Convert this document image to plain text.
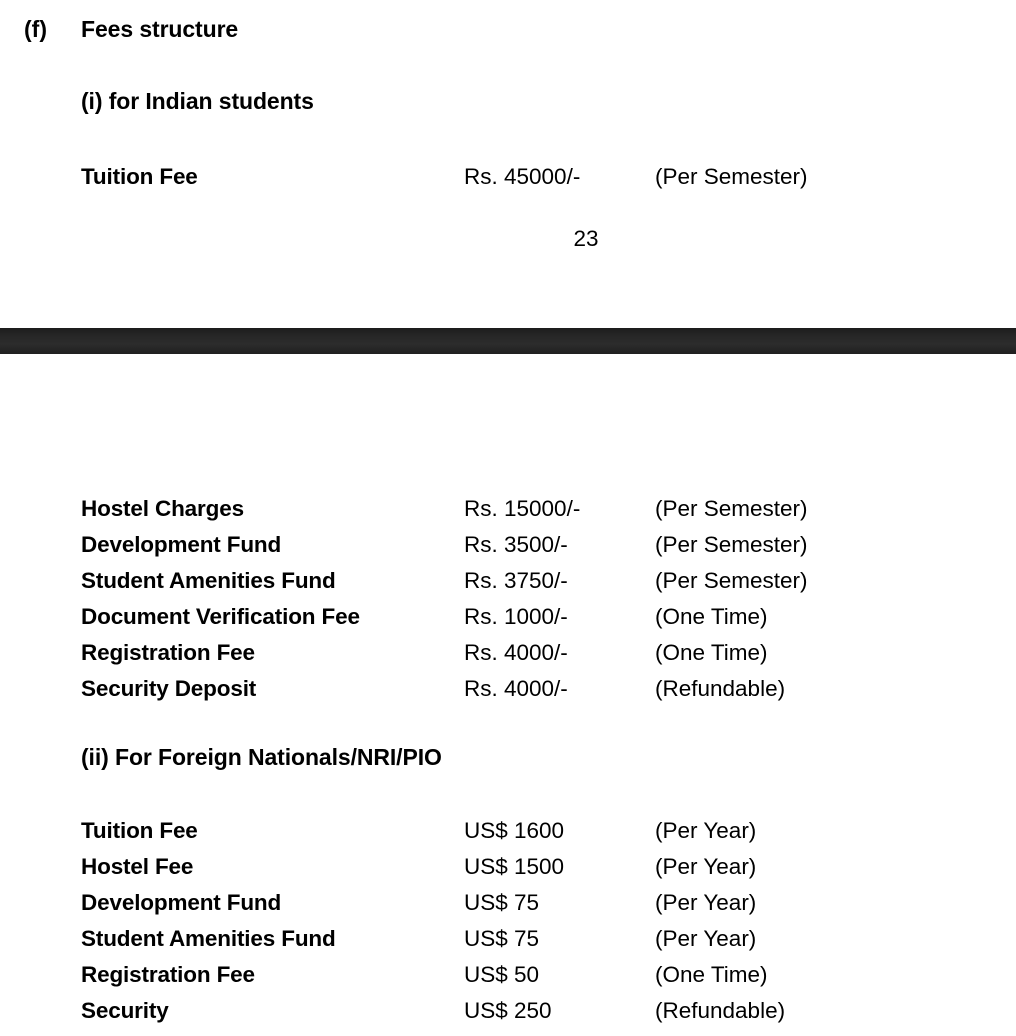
(f) Fees structure
(i) for Indian students
Tuition Fee	Rs. 45000/-	(Per Semester)
23
Hostel Charges	Rs. 15000/-	(Per Semester)
Development Fund	Rs. 3500/-	(Per Semester)
Student Amenities Fund	Rs. 3750/-	(Per Semester)
Document Verification Fee	Rs. 1000/-	(One Time)
Registration Fee	Rs. 4000/-	(One Time)
Security Deposit	Rs. 4000/-	(Refundable)
(ii) For Foreign Nationals/NRI/PIO
Tuition Fee	US$ 1600	(Per Year)
Hostel Fee	US$ 1500	(Per Year)
Development Fund	US$ 75	(Per Year)
Student Amenities Fund	US$ 75	(Per Year)
Registration Fee	US$ 50	(One Time)
Security	US$ 250	(Refundable)
